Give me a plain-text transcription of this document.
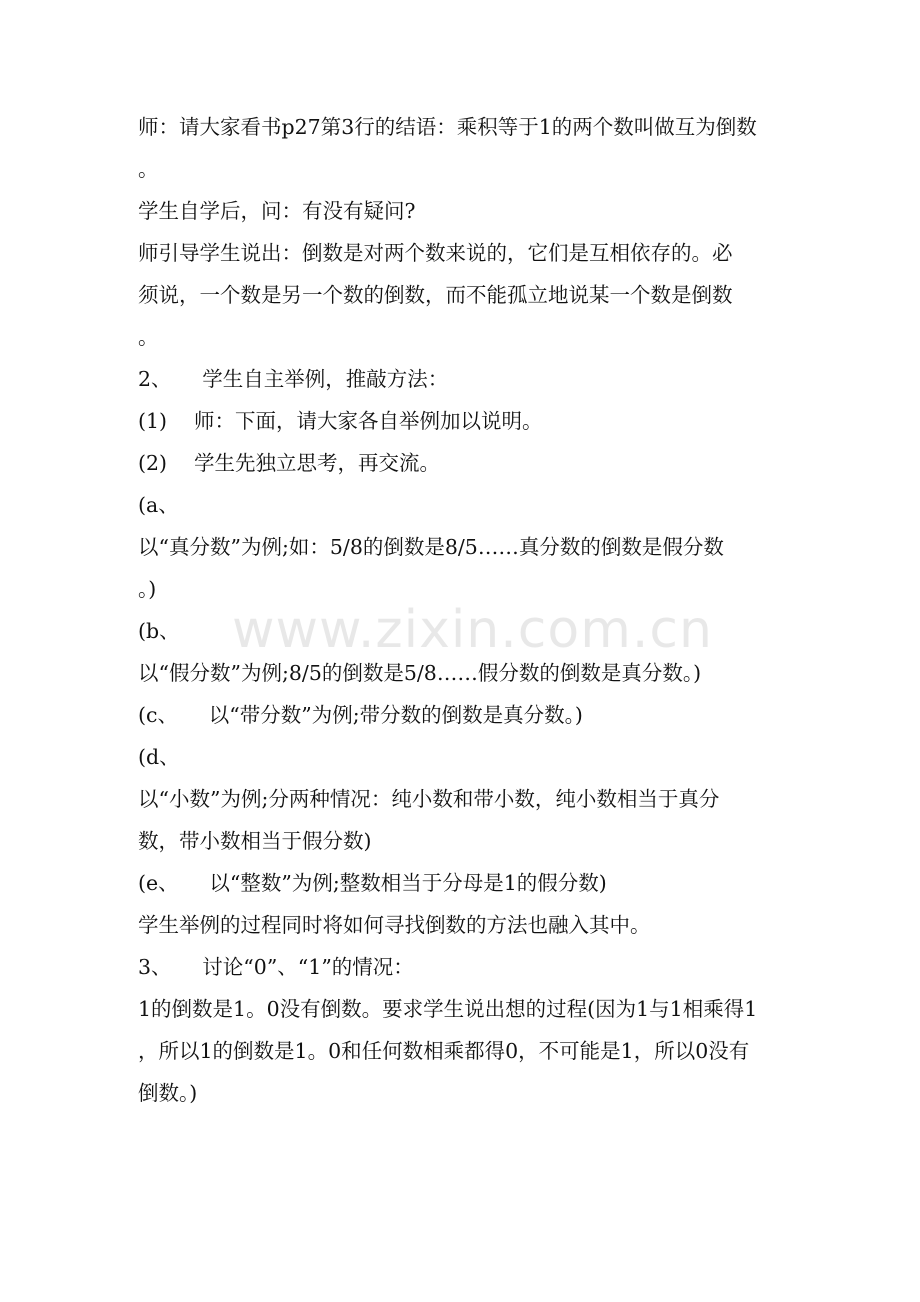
师：请大家看书p27第3行的结语：乘积等于1的两个数叫做互为倒数
。
学生自学后，问：有没有疑问?
师引导学生说出：倒数是对两个数来说的，它们是互相依存的。必
须说，一个数是另一个数的倒数，而不能孤立地说某一个数是倒数
。
2、　　学生自主举例，推敲方法：
(1)　 师：下面，请大家各自举例加以说明。
(2)　 学生先独立思考，再交流。
(a、
以“真分数”为例;如：5/8的倒数是8/5……真分数的倒数是假分数
。)
(b、
以“假分数”为例;8/5的倒数是5/8……假分数的倒数是真分数。)
(c、　　以“带分数”为例;带分数的倒数是真分数。)
(d、
以“小数”为例;分两种情况：纯小数和带小数，纯小数相当于真分
数，带小数相当于假分数)
(e、　　以“整数”为例;整数相当于分母是1的假分数)
学生举例的过程同时将如何寻找倒数的方法也融入其中。
3、　　讨论“0”、“1”的情况：
1的倒数是1。0没有倒数。要求学生说出想的过程(因为1与1相乘得1
，所以1的倒数是1。0和任何数相乘都得0，不可能是1，所以0没有
倒数。)
www.zixin.com.cn
